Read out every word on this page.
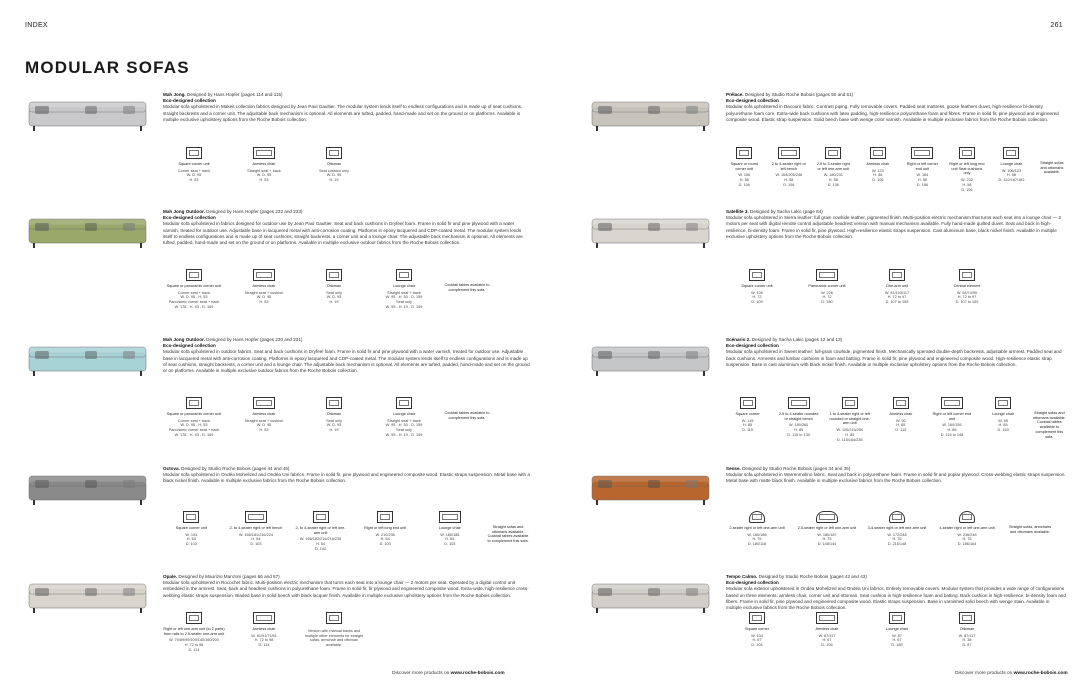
INDEX	261
MODULAR SOFAS
Mah Jong. Designed by Hans Hopfer (pages 114 and 115)
Eco-designed collection
Modular sofa upholstered in Makeit collection fabrics designed by Jean Paul Gaultier. The modular system lends itself to endless configurations and is made up of seat cushions, straight backrests and a corner unit. The adjustable back mechanism is optional. All elements are tufted, padded, hand-made and set on the ground or on platforms. Available in multiple exclusive upholstery options from the Roche Bobois collection.
Square corner unit
Corner seat + back
W. D. 95
H. 53
Armless chair
Straight seat + back
W. D. 95
H. 53
Ottoman
Seat cushion only
W. D. 95
H. 19
Mah Jong Outdoor. Designed by Hans Hopfer (pages 232 and 233)
Eco-designed collection
Modular sofa upholstered in fabrics designed for outdoor use by Jean Paul Gaultier. Seat and back cushions in Dryfeel foam. Frame in solid fir and pine plywood with a water varnish, treated for outdoor use. Adjustable base in lacquered metal with anti-corrosion coating. Platforms in epoxy lacquered and CDP-coated metal. The modular system lends itself to endless configurations and is made up of seat cushions, straight backrests, a corner unit and a lounge chair. The adjustable back mechanism is optional. All elements are tufted, padded, hand-made and set on the ground or on platforms. Available in multiple exclusive outdoor fabrics from the Roche Bobois collection.
Square or panoramic corner unit
Corner seat + back
W. D. 95 - H. 53
Panoramic corner seat + back
W. 178 - H. 53 - D. 169
Armless chair
Straight seat + cushion
W. D. 95
H. 53
Ottoman
Seat only
W. D. 95
H. 19
Lounge chair
Straight seat + back
W. 95 - H. 53 - D. 159
Seat only
W. 95 - H. 19 - D. 159
Cocktail tables available to complement this sofa.
Mah Jong Outdoor. Designed by Hans Hopfer (pages 230 and 231)
Eco-designed collection
Modular sofa upholstered in outdoor fabrics. Seat and back cushions in Dryfeel foam. Frame in solid fir and pine plywood with a water varnish, treated for outdoor use. Adjustable base in lacquered metal with anti-corrosion coating. Platforms in epoxy lacquered and CDP-coated metal. The modular system lends itself to endless configurations and is made up of seat cushions, straight backrests, a corner unit and a lounge chair. The adjustable back mechanism is optional. All elements are tufted, padded, hand-made and set on the ground or on platforms. Available in multiple exclusive outdoor fabrics from the Roche Bobois collection.
Square or panoramic corner unit
Corner seat + back
W. D. 95 - H. 53
Panoramic corner seat + back
W. 178 - H. 53 - D. 169
Armless chair
Straight seat + cushion
W. D. 95
H. 53
Ottoman
Seat only
W. D. 95
H. 19
Lounge chair
Straight seat + back
W. 95 - H. 53 - D. 159
Seat only
W. 95 - H. 19 - D. 159
Cocktail tables available to complement this sofa.
Octova. Designed by Studio Roche Bobois (pages 44 and 45)
Modular sofa upholstered in Ondéa Mohelized and Ondéa Uni fabrics. Frame in solid fir, pine plywood and engineered composite wood. Elastic straps suspension. Metal base with a black nickel finish. Available in multiple exclusive fabrics from the Roche Bobois collection.
Square corner unit
W. 103
H. 64
D. 103
2- to 4-seater right or left bench
W. 166/181/216/224
H. 64
D. 103
2- to 4-seater right or left one-arm unit
W. 166/182/216/216/235
H. 64
D. 102
Right or left long end unit
W. 210/235
H. 64
D. 103
Lounge chair
W. 160/185
H. 64
D. 103
Straight sofas and ottomans available. Cocktail tables available to complement this sofa.
Opale. Designed by Maurizio Manzoni (pages 66 and 67)
Modular sofa upholstered in Rocochet fabric. Multi-position electric mechanism that turns each seat into a lounge chair — 2 motors per seat. Operated by a digital control unit embedded in the armrest. Seat, back and headrest cushions in polyurethane foam. Frame in solid fir, fir plywood and engineered composite wood. Extra-wide, high-resilience cross-webbing elastic straps suspension. Bladed base in solid beech with black lacquer finish. Available in multiple exclusive upholstery options from the Roche Bobois collection.
Right or left one-arm unit (to 2 parts) from rails to 2.5-seater one-arm unit
W. 79/89/99/109/140/160/200
H. 72 to 98
D. 114
Armless chair
W. 81/91/71/81
H. 72 to 98
D. 114
Version with manual backs and multiple other elements for straight sofas, armchair and ottoman available.
Prélace. Designed by Studio Roche Bobois (pages 50 and 51)
Eco-designed collection
Modular sofa upholstered in Dacouro fabric. Contrast piping. Fully removable covers. Padded seat mattress, goose feathers duvet, high-resilience bi-density polyurethane foam core. Extra-wide back cushions with latex padding, high-resilience polyurethane foam and fibres. Frame in solid fir, pine plywood and engineered composite wood. Elastic strap suspension. Solid beech base with wenge color varnish. Available in multiple exclusive fabrics from the Roche Bobois collection.
Square or round corner unit
W. 106
H. 58
D. 106
2 to 4-seater right or left bench
W. 164/205/246
H. 58
D. 106
2.5 to 3-seater right or left one-arm unit
W. 180/231
H. 58
D. 106
Armless chair
W. 123
H. 58
D. 106
Right or left corner end unit
W. 164
H. 58
D. 186
Right or left long end unit Seat cushions only
W. 232
H. 58
D. 106
Lounge chair
W. 106/123
H. 58
D. 122/167/182
Straight sofas and ottomans available.
Satellite 3. Designed by Sacha Lakic (page 84)
Modular sofa upholstered in Sierra leather: full grain cowhide leather, pigmented finish. Multi-position electric mechanism that turns each seat into a lounge chair — 2 motors per seat with digital remote control adjustable headrest version with manual mechanism available. Fully hand-made quilted duvet. Seat and back in high-resilience, bi-density foam. Frame in solid fir, pine plywood. High-resilience elastic straps suspension. Cast aluminium base, black nickel finish. Available in multiple exclusive upholstery options from the Roche Bobois collection.
Square corner unit
W. 109
H. 72
D. 109
Panoramic corner unit
W. 226
H. 72
D. 180
One-arm unit
W. 81/103/117
H. 72 to 97
D. 107 to 159
Central element
W. 64/74/90
H. 72 to 97
D. 107 to 159
Scénario 2. Designed by Sacha Lakic (pages 12 and 13)
Eco-designed collection
Modular sofa upholstered in Sweet leather: full-grain cowhide, pigmented finish. Mechanically operated double-depth backrests, adjustable armrest. Padded seat and back cushions. Armrests and lumbar cushions in foam and batting. Frame in solid fir, pine plywood and engineered composite wood. High-resilience elastic strap suspension. Base in cast aluminium with black nickel finish. Available in multiple exclusive upholstery options from the Roche Bobois collection.
Square corner
W. 115
H. 85
D. 115
2.5 to 4-seater rounded or straight bench
W. 180/260
H. 85
D. 115 to 130
1 to 4-seater right or left rounded or straight one-arm unit
W. 120/215/250
H. 85
D. 115/164/235
Armless chair
W. 90
H. 85
D. 115
Right or left corner end unit
W. 160/155
H. 85
D. 115 to 148
Lounge chair
W. 95
H. 85
D. 163
Straight sofas and ottomans available. Cocktail tables available to complement this sofa.
Sense. Designed by Studio Roche Bobois (pages 34 and 35)
Modular sofa upholstered in Warrenmolino fabric. Seat and back in polyurethane foam. Frame in solid fir and poplar plywood. Cross-webbing elastic straps suspension. Metal base with matte black finish. Available in multiple exclusive fabrics from the Roche Bobois collection.
2-seater right or left one-arm unit
W. 160/186
H. 75
D. 180/118
2.5-seater right or left one-arm unit
W. 180/187
H. 75
D. 148/144
3-4-seater right or left one-arm unit
W. 172/248
H. 75
D. 215/148
4-seater right or left one-arm unit
W. 236/248
H. 75
D. 186/164
Straight sofas, armchairs and ottomans available.
Tempo Calmo. Designed by Studio Roche Bobois (pages 42 and 43)
Eco-designed collection
Modular sofa exterior upholstered in Ondéa Mohelized and Ondéa Uni fabrics. Entirely removable covers. Modular system that provides a wide range of configurations based on three elements: armless chair, corner unit and ottoman. Seat cushion in high-resilience foam and batting. Back cushion in high-resilience, bi-density foam and fibers. Frame in solid fir, pine plywood and engineered composite wood. Elastic straps suspension. Base in varnished solid beech with wenge stain. Available in multiple exclusive fabrics from the Roche Bobois collection.
Square corner
W. 104
H. 67
D. 104
Armless chair
W. 87/117
H. 67
D. 106
Lounge chair
W. 87
H. 67
D. 185
Ottoman
W. 87/117
H. 38
D. 87
Discover more products on www.roche-bobois.com	Discover more products on www.roche-bobois.com
